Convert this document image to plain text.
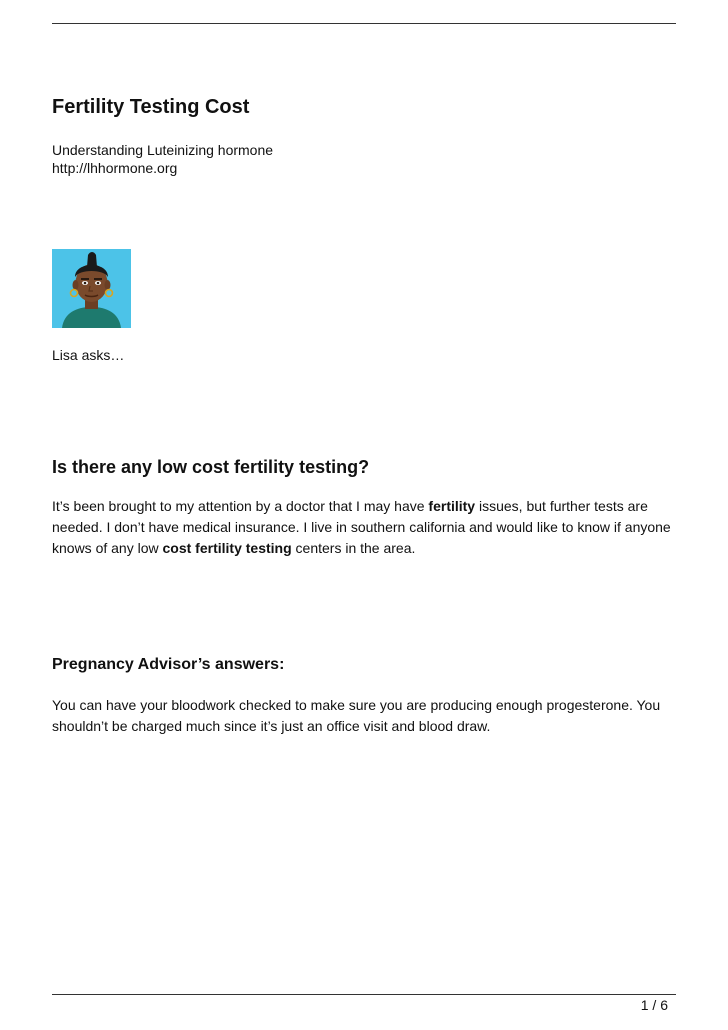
Fertility Testing Cost
Understanding Luteinizing hormone
http://lhhormone.org
Lisa asks…
Is there any low cost fertility testing?

It’s been brought to my attention by a doctor that I may have fertility issues, but further tests are needed. I don’t have medical insurance. I live in southern california and would like to know if anyone knows of any low cost fertility testing centers in the area.

Pregnancy Advisor’s answers:

You can have your bloodwork checked to make sure you are producing enough progesterone. You shouldn’t be charged much since it’s just an office visit and blood draw.

1 / 6
